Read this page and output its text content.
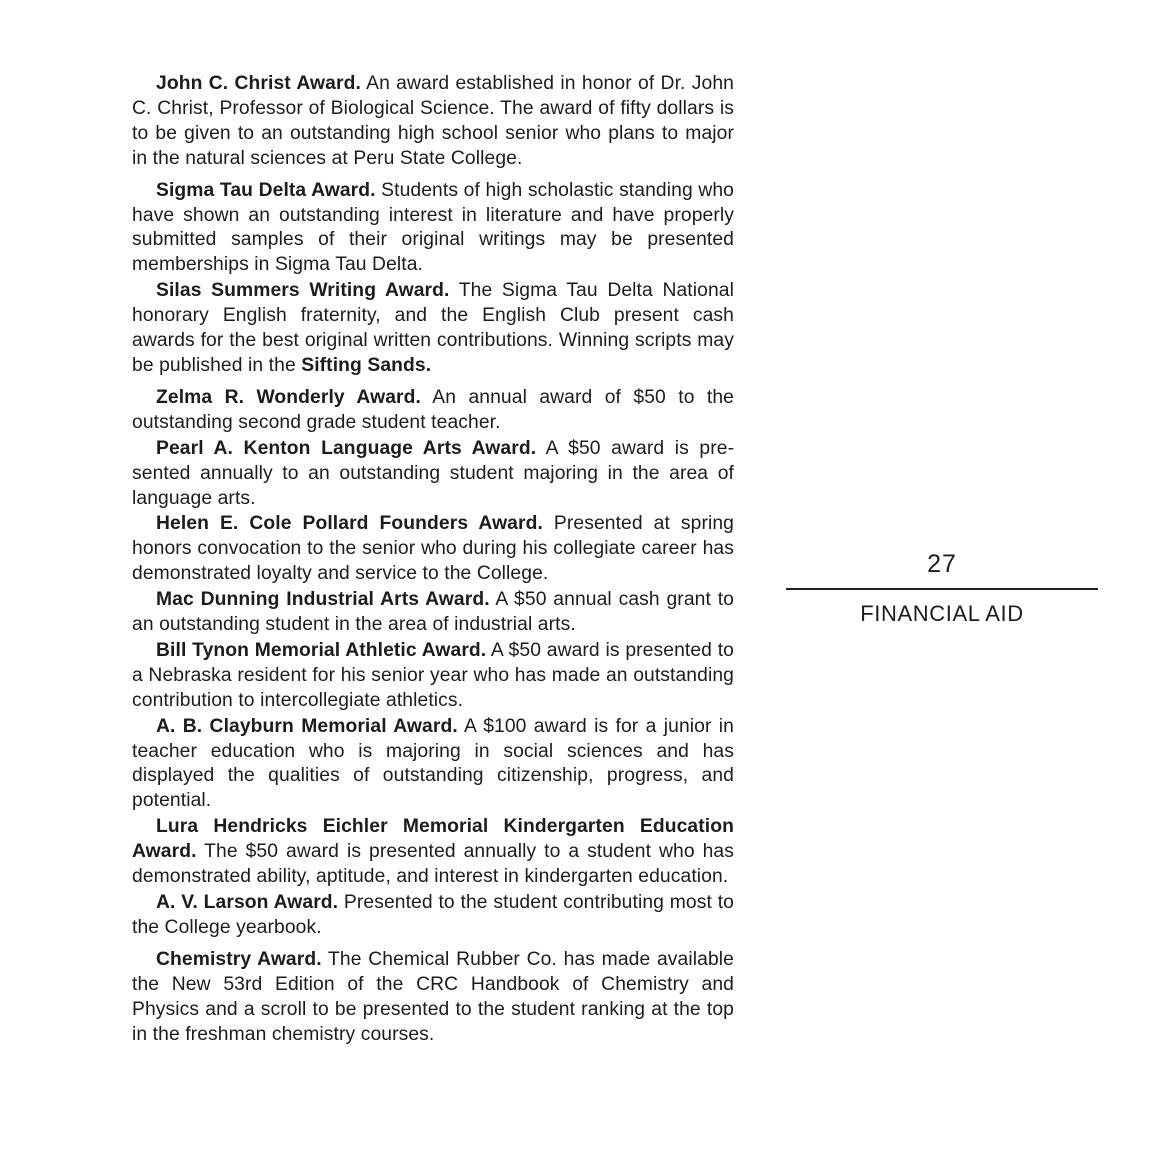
John C. Christ Award. An award established in honor of Dr. John C. Christ, Professor of Biological Science. The award of fifty dollars is to be given to an outstanding high school senior who plans to major in the natural sciences at Peru State College.

Sigma Tau Delta Award. Students of high scholastic standing who have shown an outstanding interest in literature and have properly submitted samples of their original writings may be presented memberships in Sigma Tau Delta.

Silas Summers Writing Award. The Sigma Tau Delta National honorary English fraternity, and the English Club present cash awards for the best original written contributions. Winning scripts may be published in the Sifting Sands.

Zelma R. Wonderly Award. An annual award of $50 to the outstanding second grade student teacher.

Pearl A. Kenton Language Arts Award. A $50 award is presented annually to an outstanding student majoring in the area of language arts.

Helen E. Cole Pollard Founders Award. Presented at spring honors convocation to the senior who during his collegiate career has demonstrated loyalty and service to the College.

Mac Dunning Industrial Arts Award. A $50 annual cash grant to an outstanding student in the area of industrial arts.

Bill Tynon Memorial Athletic Award. A $50 award is presented to a Nebraska resident for his senior year who has made an outstanding contribution to intercollegiate athletics.

A. B. Clayburn Memorial Award. A $100 award is for a junior in teacher education who is majoring in social sciences and has displayed the qualities of outstanding citizenship, progress, and potential.

Lura Hendricks Eichler Memorial Kindergarten Education Award. The $50 award is presented annually to a student who has demonstrated ability, aptitude, and interest in kindergarten education.

A. V. Larson Award. Presented to the student contributing most to the College yearbook.

Chemistry Award. The Chemical Rubber Co. has made available the New 53rd Edition of the CRC Handbook of Chemistry and Physics and a scroll to be presented to the student ranking at the top in the freshman chemistry courses.

27
FINANCIAL AID
